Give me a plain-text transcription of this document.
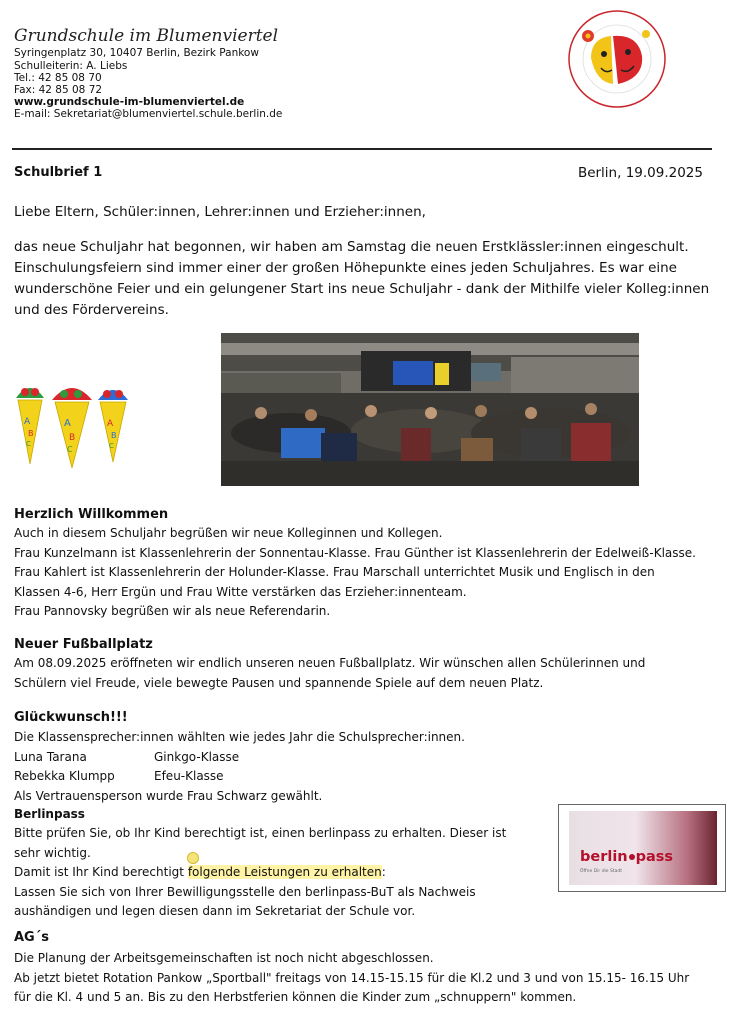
Grundschule im Blumenviertel
Syringenplatz 30, 10407 Berlin, Bezirk Pankow
Schulleiterin: A. Liebs
Tel.: 42 85 08 70
Fax: 42 85 08 72
www.grundschule-im-blumenviertel.de
E-mail: Sekretariat@blumenviertel.schule.berlin.de
Schulbrief 1	Berlin, 19.09.2025
Liebe Eltern, Schüler:innen, Lehrer:innen und Erzieher:innen,
das neue Schuljahr hat begonnen, wir haben am Samstag die neuen Erstklässler:innen eingeschult.
Einschulungsfeiern sind immer einer der großen Höhepunkte eines jeden Schuljahres. Es war eine
wunderschöne Feier und ein gelungener Start ins neue Schuljahr - dank der Mithilfe vieler Kolleg:innen
und des Fördervereins.
A
B
C
A
B
C
A
B
C
Herzlich Willkommen
Auch in diesem Schuljahr begrüßen wir neue Kolleginnen und Kollegen.
Frau Kunzelmann ist Klassenlehrerin der Sonnentau-Klasse. Frau Günther ist Klassenlehrerin der Edelweiß-Klasse.
Frau Kahlert ist Klassenlehrerin der Holunder-Klasse. Frau Marschall unterrichtet Musik und Englisch in den
Klassen 4-6, Herr Ergün und Frau Witte verstärken das Erzieher:innenteam.
Frau Pannovsky begrüßen wir als neue Referendarin.
Neuer Fußballplatz
Am 08.09.2025 eröffneten wir endlich unseren neuen Fußballplatz. Wir wünschen allen Schülerinnen und
Schülern viel Freude, viele bewegte Pausen und spannende Spiele auf dem neuen Platz.
Glückwunsch!!!
Die Klassensprecher:innen wählten wie jedes Jahr die Schulsprecher:innen.
Luna Tarana	Ginkgo-Klasse
Rebekka Klumpp	Efeu-Klasse
Als Vertrauensperson wurde Frau Schwarz gewählt.
Berlinpass
Bitte prüfen Sie, ob Ihr Kind berechtigt ist, einen berlinpass zu erhalten. Dieser ist
sehr wichtig.
Damit ist Ihr Kind berechtigt folgende Leistungen zu erhalten:
Lassen Sie sich von Ihrer Bewilligungsstelle den berlinpass-BuT als Nachweis
aushändigen und legen diesen dann im Sekretariat der Schule vor.
berlin pass
Öffne Dir die Stadt
AG´s
Die Planung der Arbeitsgemeinschaften ist noch nicht abgeschlossen.
Ab jetzt bietet Rotation Pankow „Sportball" freitags von 14.15-15.15 für die Kl.2 und 3 und von 15.15- 16.15 Uhr
für die Kl. 4 und 5 an. Bis zu den Herbstferien können die Kinder zum „schnuppern" kommen.
